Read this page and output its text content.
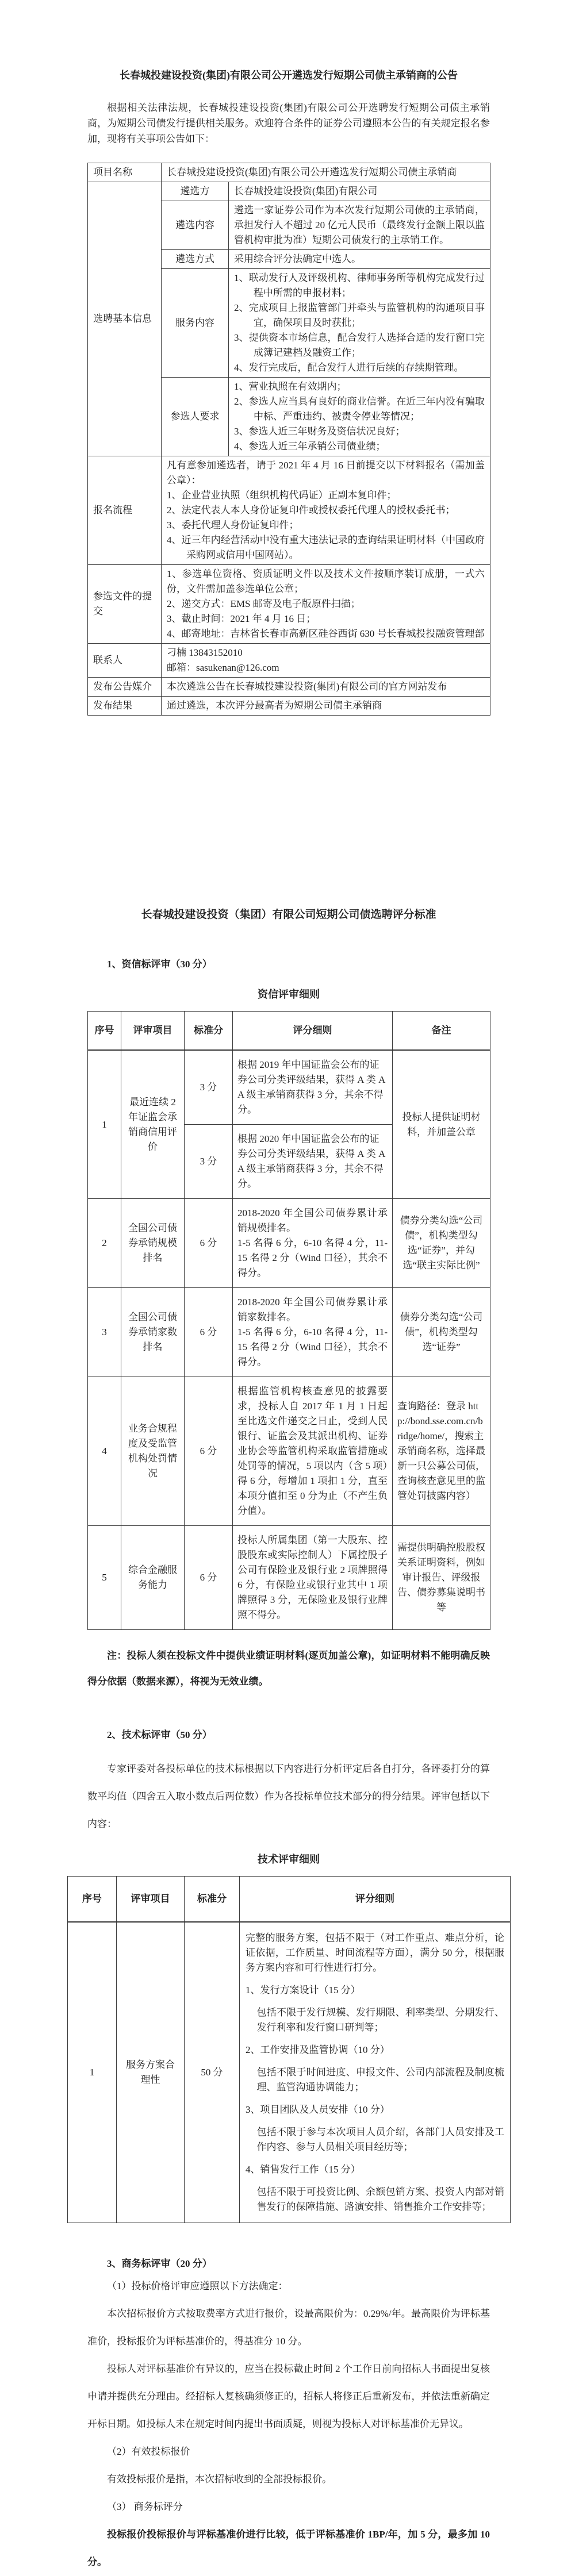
长春城投建设投资(集团)有限公司公开遴选发行短期公司债主承销商的公告

根据相关法律法规，长春城投建设投资(集团)有限公司公开选聘发行短期公司债主承销商，为短期公司债发行提供相关服务。欢迎符合条件的证券公司遵照本公告的有关规定报名参加，现将有关事项公告如下：

项目名称	长春城投建设投资(集团)有限公司公开遴选发行短期公司债主承销商	
选聘基本信息	遴选方	长春城投建设投资(集团)有限公司

	遴选内容	遴选一家证券公司作为本次发行短期公司债的主承销商，承担发行人不超过 20 亿元人民币（最终发行金额上限以监管机构审批为准）短期公司债发行的主承销工作。

	遴选方式	采用综合评分法确定中选人。

	服务内容	1、联动发行人及评级机构、律师事务所等机构完成发行过程中所需的申报材料；
2、完成项目上报监管部门并牵头与监管机构的沟通项目事宜，确保项目及时获批；
3、提供资本市场信息，配合发行人选择合适的发行窗口完成簿记建档及融资工作；
4、发行完成后，配合发行人进行后续的存续期管理。

	参选人要求	1、营业执照在有效期内；
2、参选人应当具有良好的商业信誉。在近三年内没有骗取中标、严重违约、被责令停业等情况；
3、参选人近三年财务及资信状况良好；
4、参选人近三年承销公司债业绩；

报名流程	凡有意参加遴选者，请于 2021 年 4 月 16 日前提交以下材料报名（需加盖公章）：
1、企业营业执照（组织机构代码证）正副本复印件；
2、法定代表人本人身份证复印件或授权委托代理人的授权委托书；
3、委托代理人身份证复印件；
4、近三年内经营活动中没有重大违法记录的查询结果证明材料（中国政府采购网或信用中国网站）。	

参选文件的提交	1、参选单位资格、资质证明文件以及技术文件按顺序装订成册，一式六份，文件需加盖参选单位公章；
2、递交方式：EMS 邮寄及电子版原件扫描；
3、截止时间：2021 年 4 月 16 日；
4、邮寄地址：吉林省长春市高新区硅谷西街 630 号长春城投投融资管理部	

联系人	刁楠 13843152010
邮箱：sasukenan@126.com	

发布公告媒介	本次遴选公告在长春城投建设投资(集团)有限公司的官方网站发布	

发布结果	通过遴选，本次评分最高者为短期公司债主承销商	
长春城投建设投资（集团）有限公司短期公司债选聘评分标准
1、资信标评审（30 分）
资信评审细则
序号	评审项目	标准分	评分细则	备注
1	最近连续 2 年证监会承销商信用评价	3 分	根据 2019 年中国证监会公布的证券公司分类评级结果，获得 A 类 AA 级主承销商获得 3 分，其余不得分。	投标人提供证明材料，并加盖公章
		3 分	根据 2020 年中国证监会公布的证券公司分类评级结果，获得 A 类 AA 级主承销商获得 3 分，其余不得分。	
2	全国公司债券承销规模排名	6 分	2018-2020 年全国公司债券累计承销规模排名。
1-5 名得 6 分，6-10 名得 4 分，11-15 名得 2 分（Wind 口径），其余不得分。	债券分类勾选“公司债”，机构类型勾选“证券”，并勾选“联主实际比例”
3	全国公司债券承销家数排名	6 分	2018-2020 年全国公司债券累计承销家数排名。
1-5 名得 6 分，6-10 名得 4 分，11-15 名得 2 分（Wind 口径），其余不得分。	债券分类勾选“公司债”，机构类型勾选“证券”
4	业务合规程度及受监管机构处罚情况	6 分	根据监管机构核查意见的披露要求，投标人自 2017 年 1 月 1 日起至比选文件递交之日止，受到人民银行、证监会及其派出机构、证券业协会等监管机构采取监管措施或处罚等的情况，5 项以内（含 5 项）得 6 分，每增加 1 项扣 1 分，直至本项分值扣至 0 分为止（不产生负分值）。	查询路径：登录 http://bond.sse.com.cn/bridge/home/，搜索主承销商名称，选择最新一只公募公司债，查询核查意见里的监管处罚披露内容）
5	综合金融服务能力	6 分	投标人所属集团（第一大股东、控股股东或实际控制人）下属控股子公司有保险业及银行业 2 项牌照得 6 分，有保险业或银行业其中 1 项牌照得 3 分，无保险业及银行业牌照不得分。	需提供明确控股股权关系证明资料，例如审计报告、评级报告、债券募集说明书等

注：投标人须在投标文件中提供业绩证明材料(逐页加盖公章)，如证明材料不能明确反映得分依据（数据来源），将视为无效业绩。

2、技术标评审（50 分）

专家评委对各投标单位的技术标根据以下内容进行分析评定后各自打分，各评委打分的算数平均值（四舍五入取小数点后两位数）作为各投标单位技术部分的得分结果。评审包括以下内容：

技术评审细则
序号	评审项目	标准分	评分细则
1	服务方案合理性	50 分	
完整的服务方案，包括不限于（对工作重点、难点分析，论证依据，工作质量、时间流程等方面），满分 50 分，根据服务方案内容和可行性进行打分。
1、发行方案设计（15 分）
包括不限于发行规模、发行期限、利率类型、分期发行、发行利率和发行窗口研判等；
2、工作安排及监管协调（10 分）
包括不限于时间进度、申报文件、公司内部流程及制度梳理、监管沟通协调能力；
3、项目团队及人员安排（10 分）
包括不限于参与本次项目人员介绍，各部门人员安排及工作内容、参与人员相关项目经历等；
4、销售发行工作（15 分）
包括不限于可投资比例、余额包销方案、投资人内部对销售发行的保障措施、路演安排、销售推介工作安排等；
3、商务标评审（20 分）

（1）投标价格评审应遵照以下方法确定：

本次招标报价方式按取费率方式进行报价，设最高限价为：0.29%/年。最高限价为评标基准价，投标报价为评标基准价的，得基准分 10 分。

投标人对评标基准价有异议的，应当在投标截止时间 2 个工作日前向招标人书面提出复核申请并提供充分理由。经招标人复核确须修正的，招标人将修正后重新发布，并依法重新确定开标日期。如投标人未在规定时间内提出书面质疑，则视为投标人对评标基准价无异议。

（2）有效投标报价

有效投标报价是指，本次招标收到的全部投标报价。

（3） 商务标评分

投标报价投标报价与评标基准价进行比较，低于评标基准价 1BP/年，加 5 分，最多加 10 分。
